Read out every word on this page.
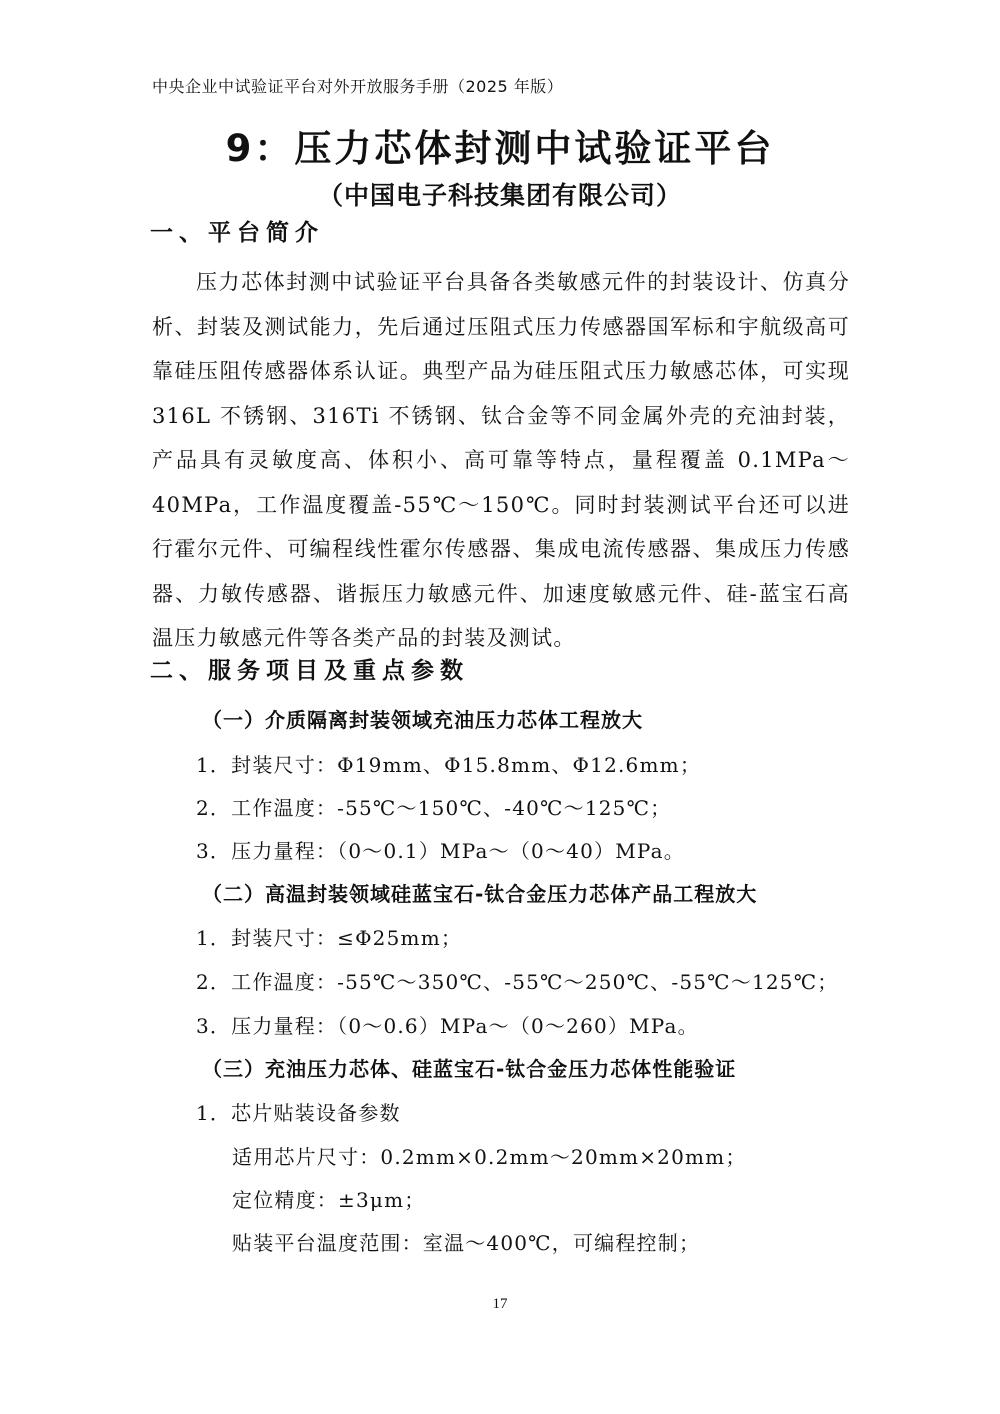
中央企业中试验证平台对外开放服务手册（2025 年版）
9：压力芯体封测中试验证平台
（中国电子科技集团有限公司）
一、平台简介

压力芯体封测中试验证平台具备各类敏感元件的封装设计、仿真分析、封装及测试能力，先后通过压阻式压力传感器国军标和宇航级高可靠硅压阻传感器体系认证。典型产品为硅压阻式压力敏感芯体，可实现 316L 不锈钢、316Ti 不锈钢、钛合金等不同金属外壳的充油封装，产品具有灵敏度高、体积小、高可靠等特点，量程覆盖 0.1MPa～40MPa，工作温度覆盖-55℃～150℃。同时封装测试平台还可以进行霍尔元件、可编程线性霍尔传感器、集成电流传感器、集成压力传感器、力敏传感器、谐振压力敏感元件、加速度敏感元件、硅-蓝宝石高温压力敏感元件等各类产品的封装及测试。

二、服务项目及重点参数
（一）介质隔离封装领域充油压力芯体工程放大
1．封装尺寸：Φ19mm、Φ15.8mm、Φ12.6mm；
2．工作温度：-55℃～150℃、-40℃～125℃；
3．压力量程：（0～0.1）MPa～（0～40）MPa。
（二）高温封装领域硅蓝宝石-钛合金压力芯体产品工程放大
1．封装尺寸：≤Φ25mm；
2．工作温度：-55℃～350℃、-55℃～250℃、-55℃～125℃；
3．压力量程：（0～0.6）MPa～（0～260）MPa。
（三）充油压力芯体、硅蓝宝石-钛合金压力芯体性能验证
1．芯片贴装设备参数
适用芯片尺寸：0.2mm×0.2mm～20mm×20mm；
定位精度：±3μm；
贴装平台温度范围：室温～400℃，可编程控制；
17
